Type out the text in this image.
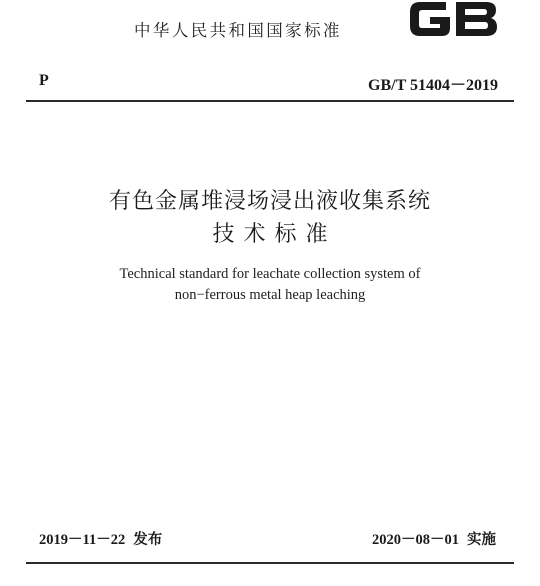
中华人民共和国国家标准
P	GB/T 51404－2019
有色金属堆浸场浸出液收集系统
技术标准
Technical standard for leachate collection system of
non−ferrous metal heap leaching
2019－11－22 发布	2020－08－01 实施
